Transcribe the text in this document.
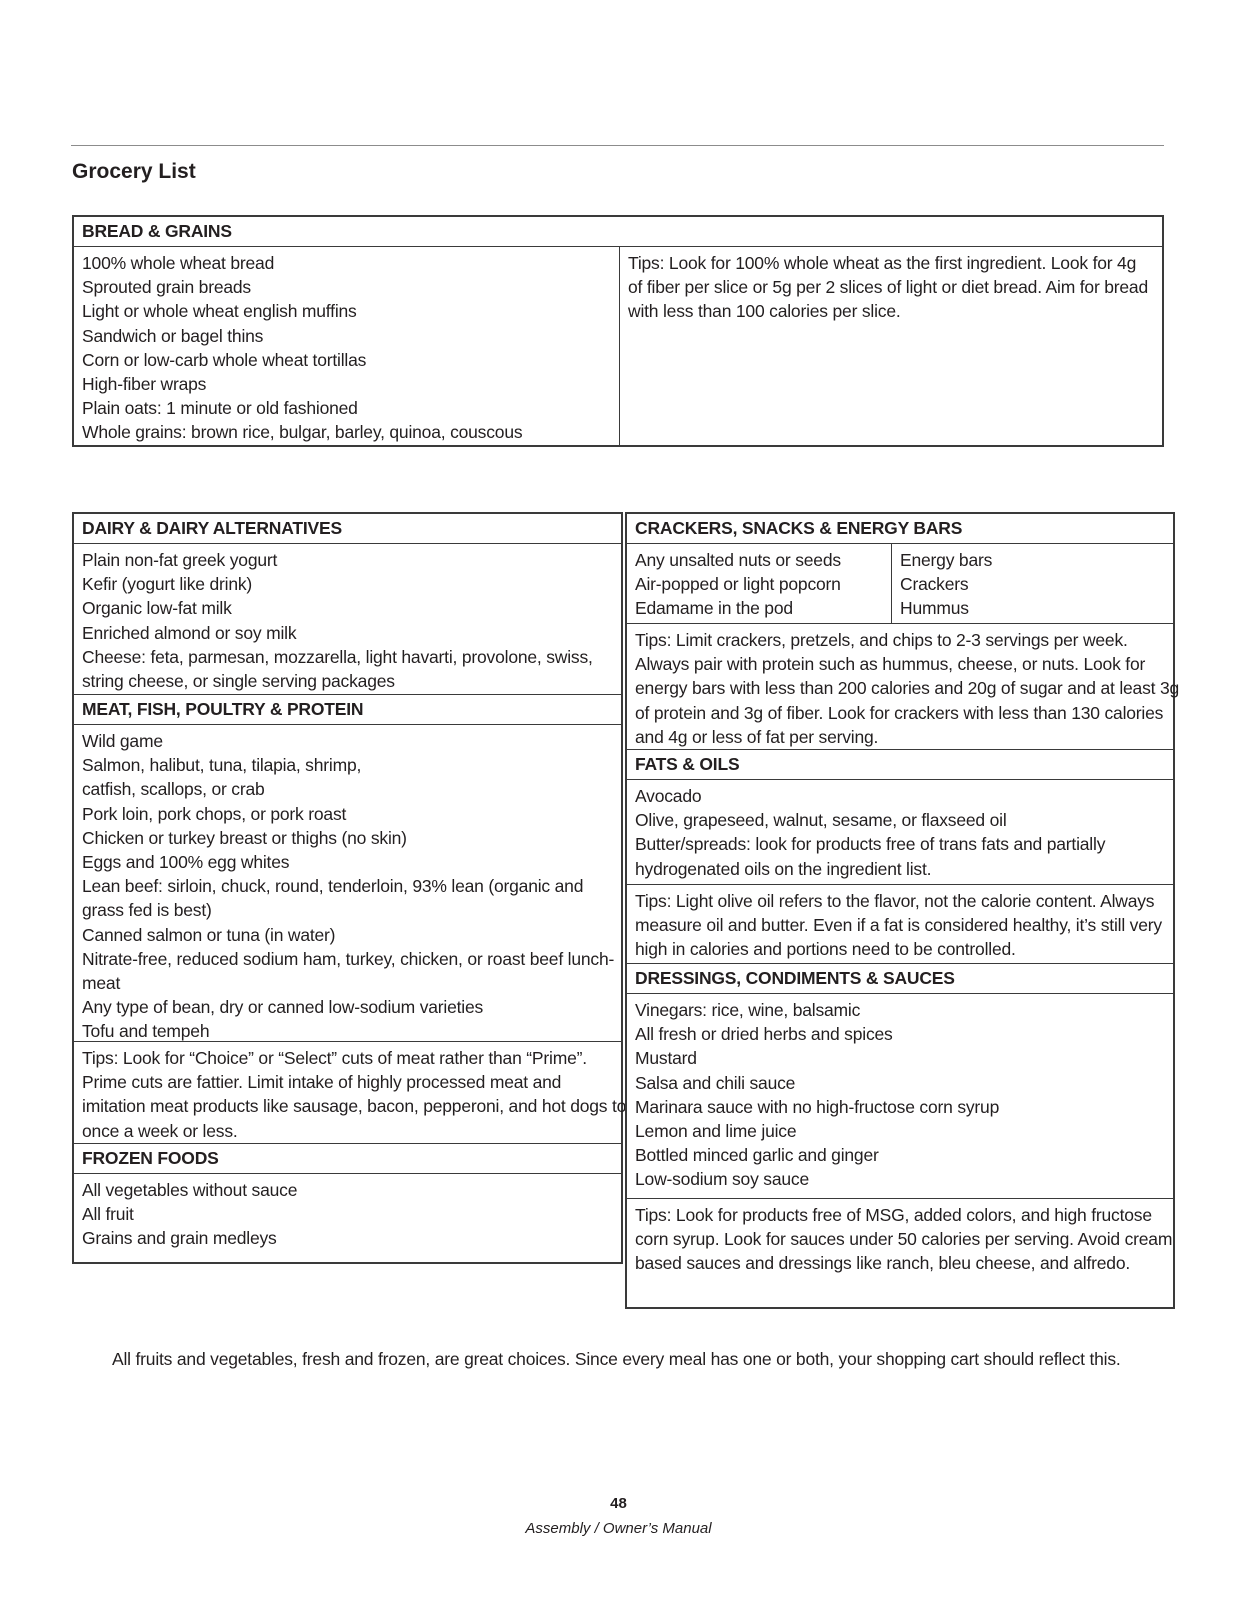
Grocery List
BREAD & GRAINS
100% whole wheat bread
Sprouted grain breads
Light or whole wheat english muffins
Sandwich or bagel thins
Corn or low-carb whole wheat tortillas
High-fiber wraps
Plain oats: 1 minute or old fashioned
Whole grains: brown rice, bulgar, barley, quinoa, couscous
Tips: Look for 100% whole wheat as the first ingredient. Look for 4g of fiber per slice or 5g per 2 slices of light or diet bread. Aim for bread with less than 100 calories per slice.
DAIRY & DAIRY ALTERNATIVES
Plain non-fat greek yogurt
Kefir (yogurt like drink)
Organic low-fat milk
Enriched almond or soy milk
Cheese: feta, parmesan, mozzarella, light havarti, provolone, swiss,
string cheese, or single serving packages
MEAT, FISH, POULTRY & PROTEIN
Wild game
Salmon, halibut, tuna, tilapia, shrimp,
catfish, scallops, or crab
Pork loin, pork chops, or pork roast
Chicken or turkey breast or thighs (no skin)
Eggs and 100% egg whites
Lean beef: sirloin, chuck, round, tenderloin, 93% lean (organic and
grass fed is best)
Canned salmon or tuna (in water)
Nitrate-free, reduced sodium ham, turkey, chicken, or roast beef lunch-
meat
Any type of bean, dry or canned low-sodium varieties
Tofu and tempeh
Tips: Look for “Choice” or “Select” cuts of meat rather than “Prime”.
Prime cuts are fattier. Limit intake of highly processed meat and
imitation meat products like sausage, bacon, pepperoni, and hot dogs to
once a week or less.
FROZEN FOODS
All vegetables without sauce
All fruit
Grains and grain medleys
CRACKERS, SNACKS & ENERGY BARS
Any unsalted nuts or seeds
Air-popped or light popcorn
Edamame in the pod
Energy bars
Crackers
Hummus
Tips: Limit crackers, pretzels, and chips to 2-3 servings per week.
Always pair with protein such as hummus, cheese, or nuts. Look for
energy bars with less than 200 calories and 20g of sugar and at least 3g
of protein and 3g of fiber. Look for crackers with less than 130 calories
and 4g or less of fat per serving.
FATS & OILS
Avocado
Olive, grapeseed, walnut, sesame, or flaxseed oil
Butter/spreads: look for products free of trans fats and partially
hydrogenated oils on the ingredient list.
Tips: Light olive oil refers to the flavor, not the calorie content. Always
measure oil and butter. Even if a fat is considered healthy, it’s still very
high in calories and portions need to be controlled.
DRESSINGS, CONDIMENTS & SAUCES
Vinegars: rice, wine, balsamic
All fresh or dried herbs and spices
Mustard
Salsa and chili sauce
Marinara sauce with no high-fructose corn syrup
Lemon and lime juice
Bottled minced garlic and ginger
Low-sodium soy sauce
Tips: Look for products free of MSG, added colors, and high fructose
corn syrup. Look for sauces under 50 calories per serving. Avoid cream
based sauces and dressings like ranch, bleu cheese, and alfredo.
All fruits and vegetables, fresh and frozen, are great choices. Since every meal has one or both, your shopping cart should reflect this.
48
Assembly / Owner’s Manual
